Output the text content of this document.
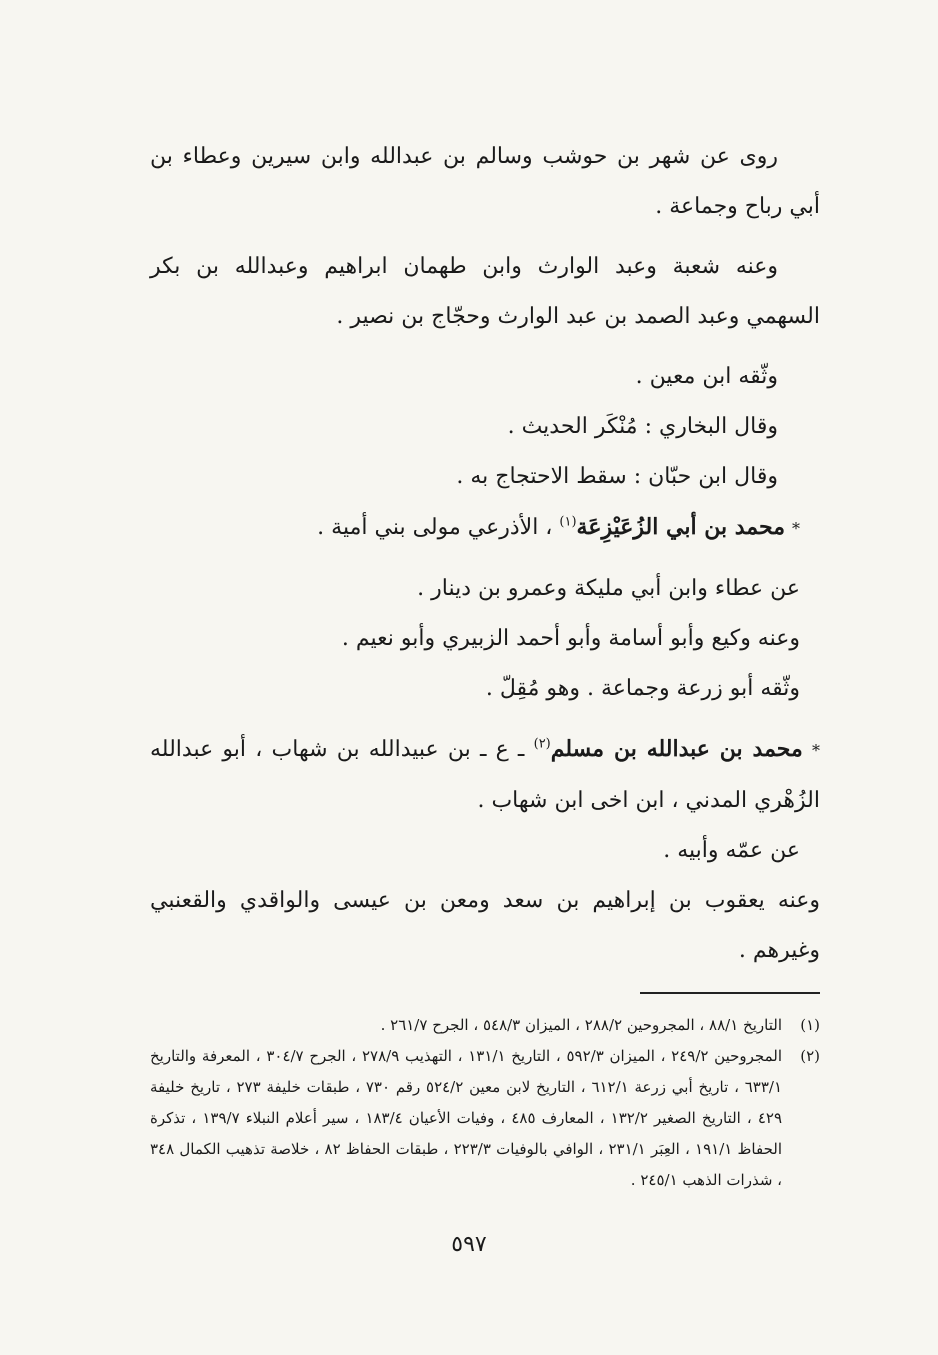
روى عن شهر بن حوشب وسالم بن عبدالله وابن سيرين وعطاء بن أبي رباح وجماعة .

وعنه شعبة وعبد الوارث وابن طهمان ابراهيم وعبدالله بن بكر السهمي وعبد الصمد بن عبد الوارث وحجّاج بن نصير .

وثّقه ابن معين .

وقال البخاري : مُنْكَر الحديث .

وقال ابن حبّان : سقط الاحتجاج به .

* محمد بن أبي الزُعَيْزِعَة$^{(١)}$ ، الأذرعي مولى بني أمية .

عن عطاء وابن أبي مليكة وعمرو بن دينار .

وعنه وكيع وأبو أسامة وأبو أحمد الزبيري وأبو نعيم .

وثّقه أبو زرعة وجماعة . وهو مُقِلّ .

* محمد بن عبدالله بن مسلم$^{(٢)}$ ـ ع ـ بن عبيدالله بن شهاب ، أبو عبدالله الزُهْري المدني ، ابن اخى ابن شهاب .

عن عمّه وأبيه .

وعنه يعقوب بن إبراهيم بن سعد ومعن بن عيسى والواقدي والقعنبي وغيرهم .

(١)
التاريخ ٨٨/١ ، المجروحين ٢٨٨/٢ ، الميزان ٥٤٨/٣ ، الجرح ٢٦١/٧ .
(٢)
المجروحين ٢٤٩/٢ ، الميزان ٥٩٢/٣ ، التاريخ ١٣١/١ ، التهذيب ٢٧٨/٩ ، الجرح ٣٠٤/٧ ، المعرفة والتاريخ ٦٣٣/١ ، تاريخ أبي زرعة ٦١٢/١ ، التاريخ لابن معين ٥٢٤/٢ رقم ٧٣٠ ، طبقات خليفة ٢٧٣ ، تاريخ خليفة ٤٢٩ ، التاريخ الصغير ١٣٢/٢ ، المعارف ٤٨٥ ، وفيات الأعيان ١٨٣/٤ ، سير أعلام النبلاء ١٣٩/٧ ، تذكرة الحفاظ ١٩١/١ ، العِبَر ٢٣١/١ ، الوافي بالوفيات ٢٢٣/٣ ، طبقات الحفاظ ٨٢ ، خلاصة تذهيب الكمال ٣٤٨ ، شذرات الذهب ٢٤٥/١ .
٥٩٧
